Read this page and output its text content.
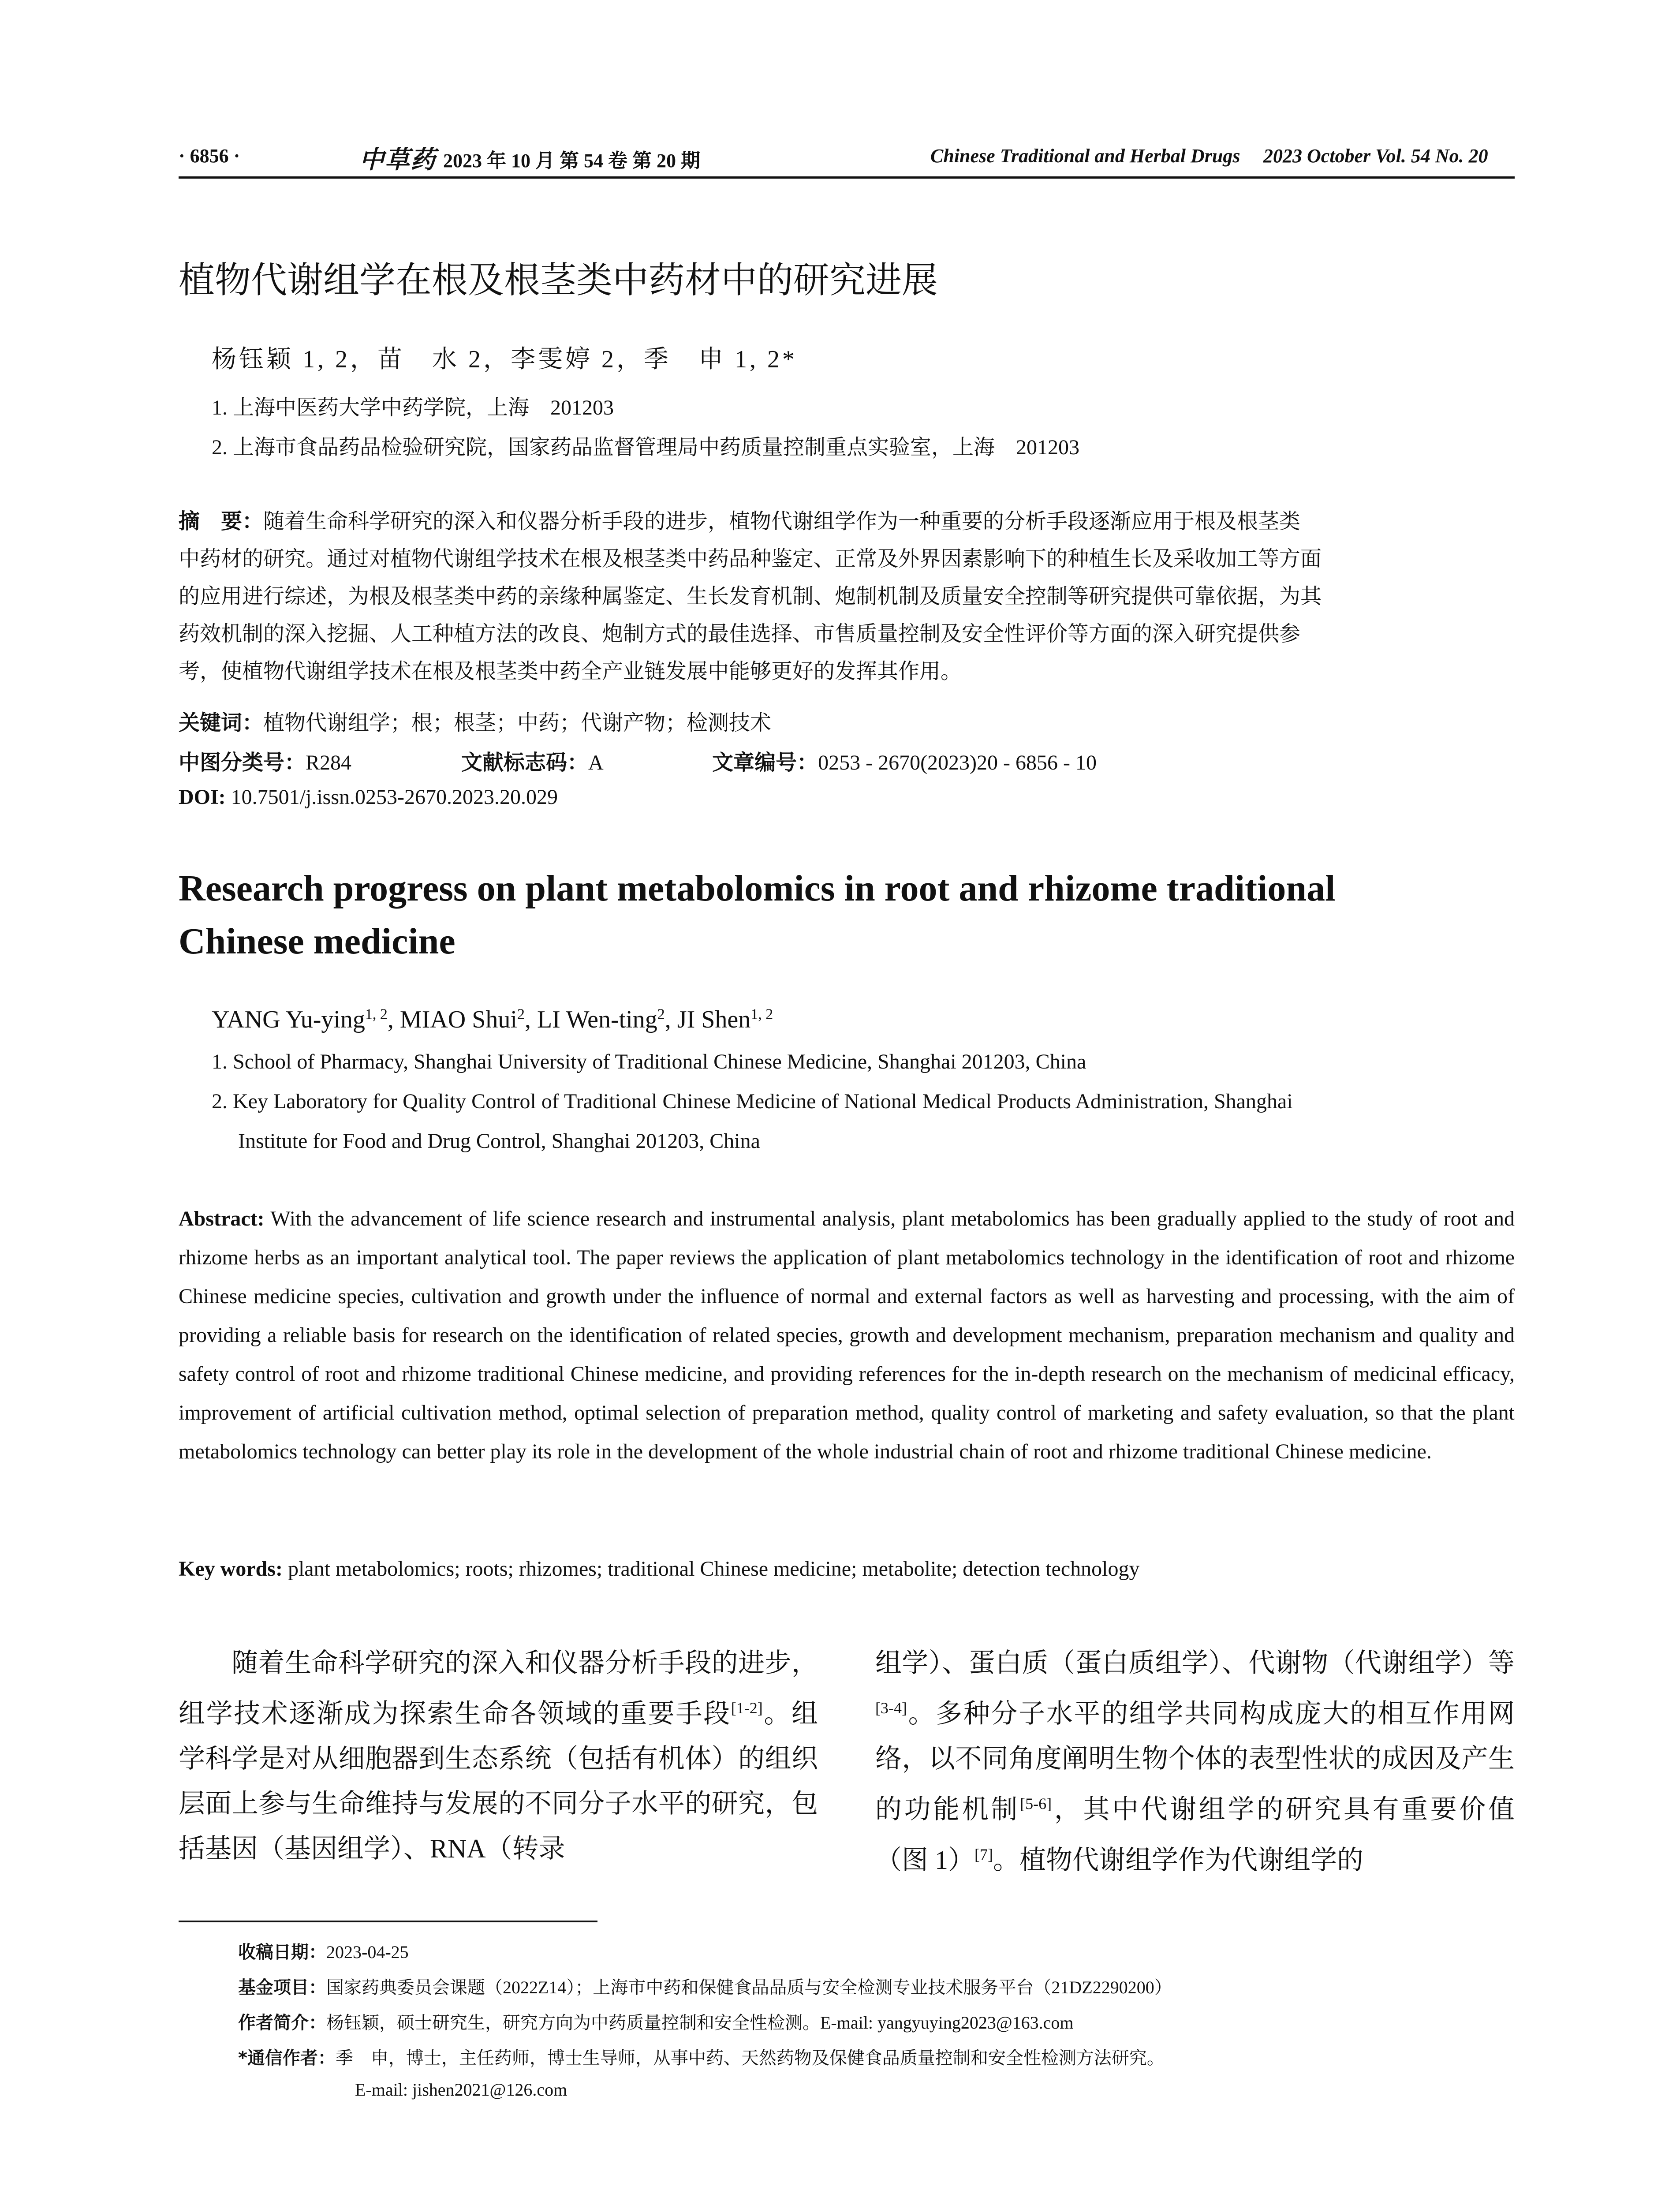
· 6856 ·	中草药 2023 年 10 月 第 54 卷 第 20 期	Chinese Traditional and Herbal Drugs 2023 October Vol. 54 No. 20
植物代谢组学在根及根茎类中药材中的研究进展
杨钰颖 1, 2，苗　水 2，李雯婷 2，季　申 1, 2*
1. 上海中医药大学中药学院，上海　201203
2. 上海市食品药品检验研究院，国家药品监督管理局中药质量控制重点实验室，上海　201203
摘　要：随着生命科学研究的深入和仪器分析手段的进步，植物代谢组学作为一种重要的分析手段逐渐应用于根及根茎类
中药材的研究。通过对植物代谢组学技术在根及根茎类中药品种鉴定、正常及外界因素影响下的种植生长及采收加工等方面
的应用进行综述，为根及根茎类中药的亲缘种属鉴定、生长发育机制、炮制机制及质量安全控制等研究提供可靠依据，为其
药效机制的深入挖掘、人工种植方法的改良、炮制方式的最佳选择、市售质量控制及安全性评价等方面的深入研究提供参
考，使植物代谢组学技术在根及根茎类中药全产业链发展中能够更好的发挥其作用。
关键词：植物代谢组学；根；根茎；中药；代谢产物；检测技术
中图分类号：R284	文献标志码：A	文章编号：0253 - 2670(2023)20 - 6856 - 10
DOI: 10.7501/j.issn.0253-2670.2023.20.029
Research progress on plant metabolomics in root and rhizome traditional
Chinese medicine
YANG Yu-ying$^{1, 2}$, MIAO Shui$^2$, LI Wen-ting$^2$, JI Shen$^{1, 2}$
1. School of Pharmacy, Shanghai University of Traditional Chinese Medicine, Shanghai 201203, China
2. Key Laboratory for Quality Control of Traditional Chinese Medicine of National Medical Products Administration, Shanghai
Institute for Food and Drug Control, Shanghai 201203, China
Abstract: With the advancement of life science research and instrumental analysis, plant metabolomics has been gradually applied to the study of root and rhizome herbs as an important analytical tool. The paper reviews the application of plant metabolomics technology in the identification of root and rhizome Chinese medicine species, cultivation and growth under the influence of normal and external factors as well as harvesting and processing, with the aim of providing a reliable basis for research on the identification of related species, growth and development mechanism, preparation mechanism and quality and safety control of root and rhizome traditional Chinese medicine, and providing references for the in-depth research on the mechanism of medicinal efficacy, improvement of artificial cultivation method, optimal selection of preparation method, quality control of marketing and safety evaluation, so that the plant metabolomics technology can better play its role in the development of the whole industrial chain of root and rhizome traditional Chinese medicine.
Key words: plant metabolomics; roots; rhizomes; traditional Chinese medicine; metabolite; detection technology
随着生命科学研究的深入和仪器分析手段的进步，组学技术逐渐成为探索生命各领域的重要手段[1-2]。组学科学是对从细胞器到生态系统（包括有机体）的组织层面上参与生命维持与发展的不同分子水平的研究，包括基因（基因组学）、RNA（转录
组学）、蛋白质（蛋白质组学）、代谢物（代谢组学）等[3-4]。多种分子水平的组学共同构成庞大的相互作用网络，以不同角度阐明生物个体的表型性状的成因及产生的功能机制[5-6]，其中代谢组学的研究具有重要价值（图 1）[7]。植物代谢组学作为代谢组学的
收稿日期：2023-04-25
基金项目：国家药典委员会课题（2022Z14）；上海市中药和保健食品品质与安全检测专业技术服务平台（21DZ2290200）
作者简介：杨钰颖，硕士研究生，研究方向为中药质量控制和安全性检测。E-mail: yangyuying2023@163.com
*通信作者：季　申，博士，主任药师，博士生导师，从事中药、天然药物及保健食品质量控制和安全性检测方法研究。
E-mail: jishen2021@126.com
